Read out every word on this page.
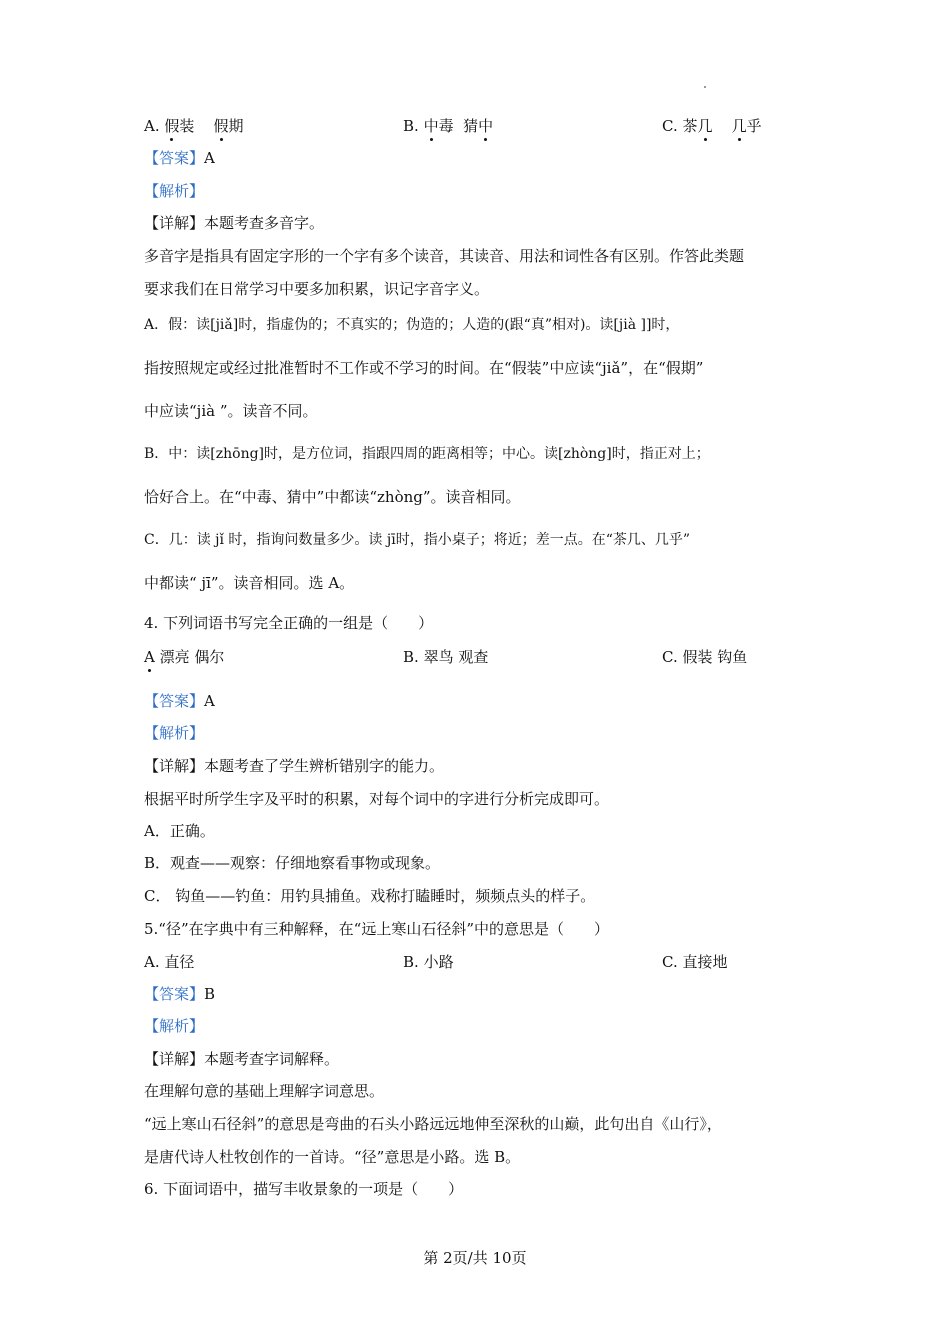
A. 假装 假期	B. 中毒 猜中	C. 茶几 几乎
【答案】A
【解析】
【详解】本题考查多音字。
多音字是指具有固定字形的一个字有多个读音，其读音、用法和词性各有区别。作答此类题
要求我们在日常学习中要多加积累，识记字音字义。
A．假：读[jiǎ]时，指虚伪的；不真实的；伪造的；人造的(跟“真”相对)。读[jià ]]时，
指按照规定或经过批准暂时不工作或不学习的时间。在“假装”中应读“jiǎ”，在“假期”
中应读“jià ”。读音不同。
B．中：读[zhōng]时，是方位词，指跟四周的距离相等；中心。读[zhòng]时，指正对上；
恰好合上。在“中毒、猜中”中都读“zhòng”。读音相同。
C．几：读 jǐ 时，指询问数量多少。读 jī时，指小桌子；将近；差一点。在“茶几、几乎”
中都读“ jī”。读音相同。选 A。
4. 下列词语书写完全正确的一组是（　　）
A 漂亮 偶尔	B. 翠鸟 观查	C. 假装 钩鱼
【答案】A
【解析】
【详解】本题考查了学生辨析错别字的能力。
根据平时所学生字及平时的积累，对每个词中的字进行分析完成即可。
A．正确。
B．观查——观察：仔细地察看事物或现象。
C． 钩鱼——钓鱼：用钓具捕鱼。戏称打瞌睡时，频频点头的样子。
5.“径”在字典中有三种解释，在“远上寒山石径斜”中的意思是（　　）
A. 直径	B. 小路	C. 直接地
【答案】B
【解析】
【详解】本题考查字词解释。
在理解句意的基础上理解字词意思。
“远上寒山石径斜”的意思是弯曲的石头小路远远地伸至深秋的山巅，此句出自《山行》，
是唐代诗人杜牧创作的一首诗。“径”意思是小路。选 B。
6. 下面词语中，描写丰收景象的一项是（　　）
第 2页/共 10页
